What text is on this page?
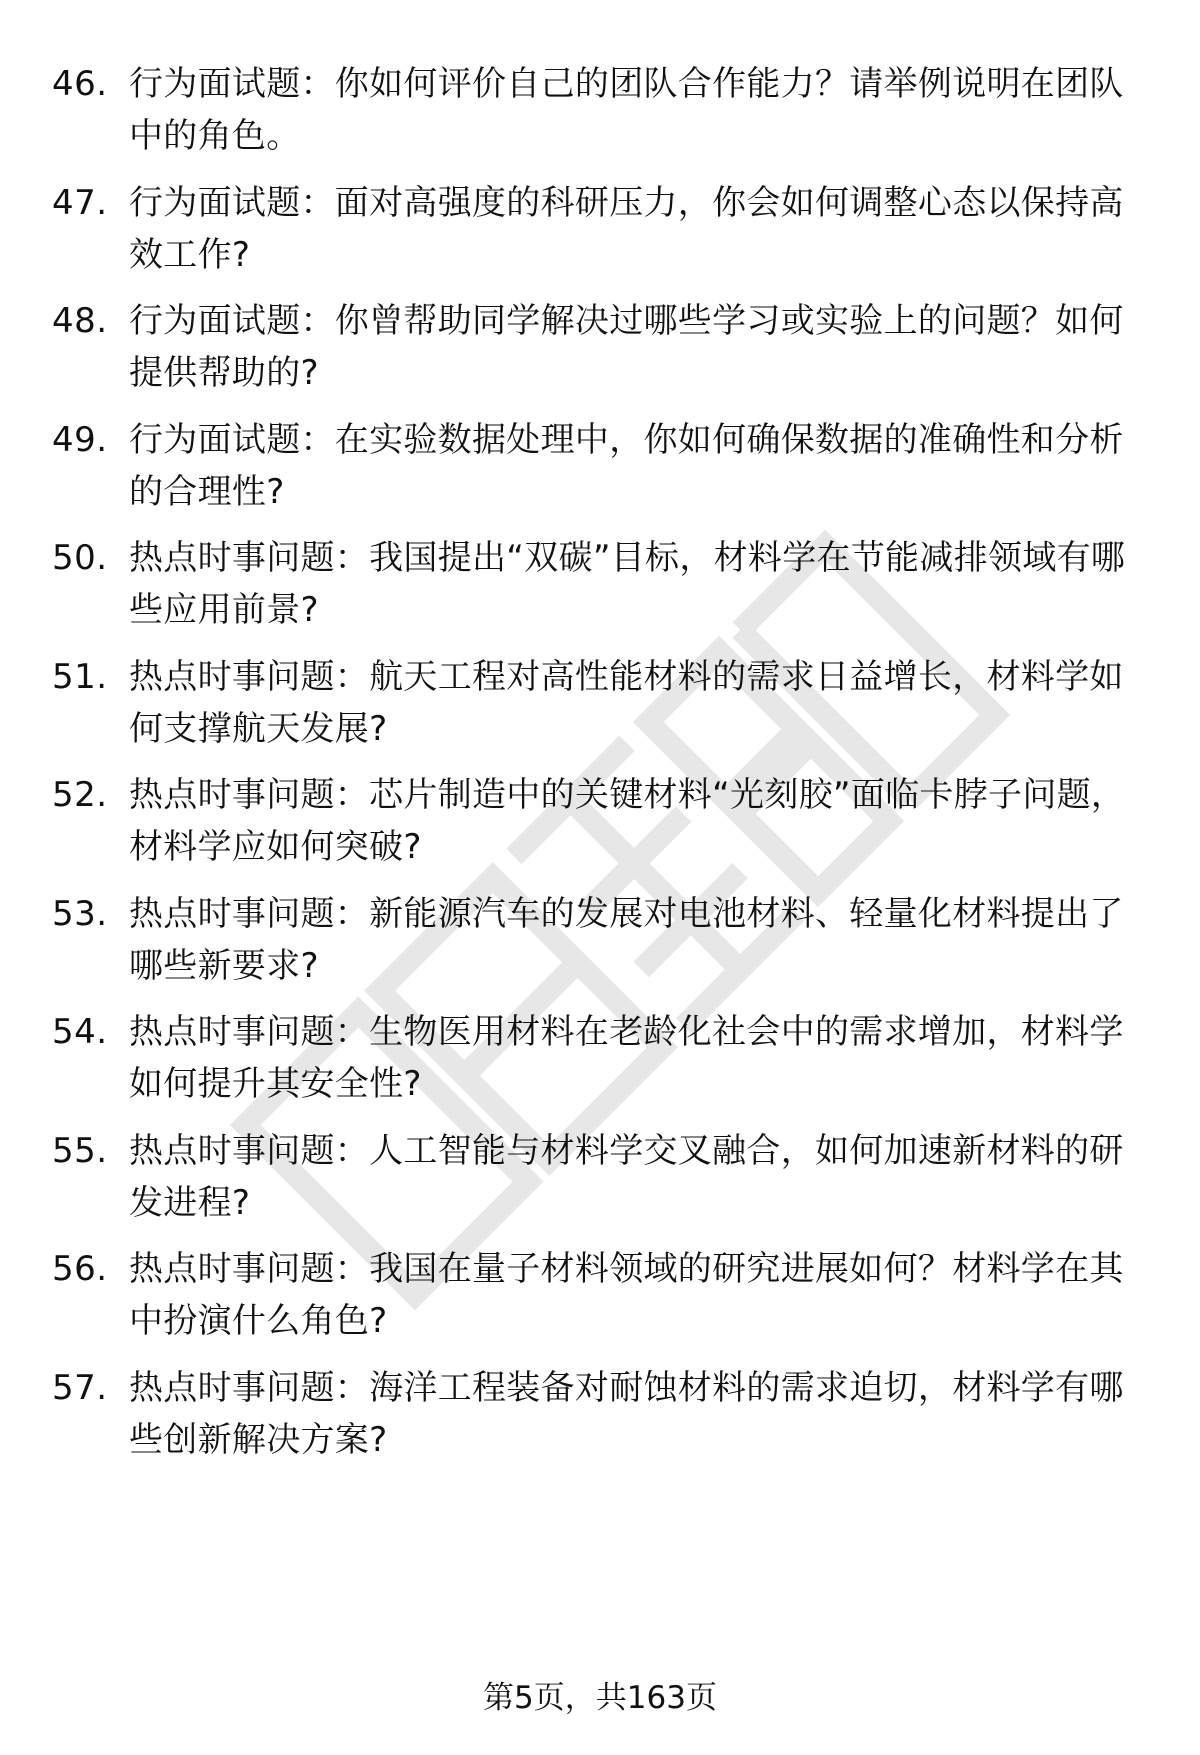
46. 行为面试题：你如何评价自己的团队合作能力？请举例说明在团队中的角色。
47. 行为面试题：面对高强度的科研压力，你会如何调整心态以保持高效工作?
48. 行为面试题：你曾帮助同学解决过哪些学习或实验上的问题？如何提供帮助的?
49. 行为面试题：在实验数据处理中，你如何确保数据的准确性和分析的合理性?
50. 热点时事问题：我国提出“双碳”目标，材料学在节能减排领域有哪些应用前景?
51. 热点时事问题：航天工程对高性能材料的需求日益增长，材料学如何支撑航天发展?
52. 热点时事问题：芯片制造中的关键材料“光刻胶”面临卡脖子问题，材料学应如何突破?
53. 热点时事问题：新能源汽车的发展对电池材料、轻量化材料提出了哪些新要求?
54. 热点时事问题：生物医用材料在老龄化社会中的需求增加，材料学如何提升其安全性?
55. 热点时事问题：人工智能与材料学交叉融合，如何加速新材料的研发进程?
56. 热点时事问题：我国在量子材料领域的研究进展如何？材料学在其中扮演什么角色?
57. 热点时事问题：海洋工程装备对耐蚀材料的需求迫切，材料学有哪些创新解决方案?
第5页，共163页
